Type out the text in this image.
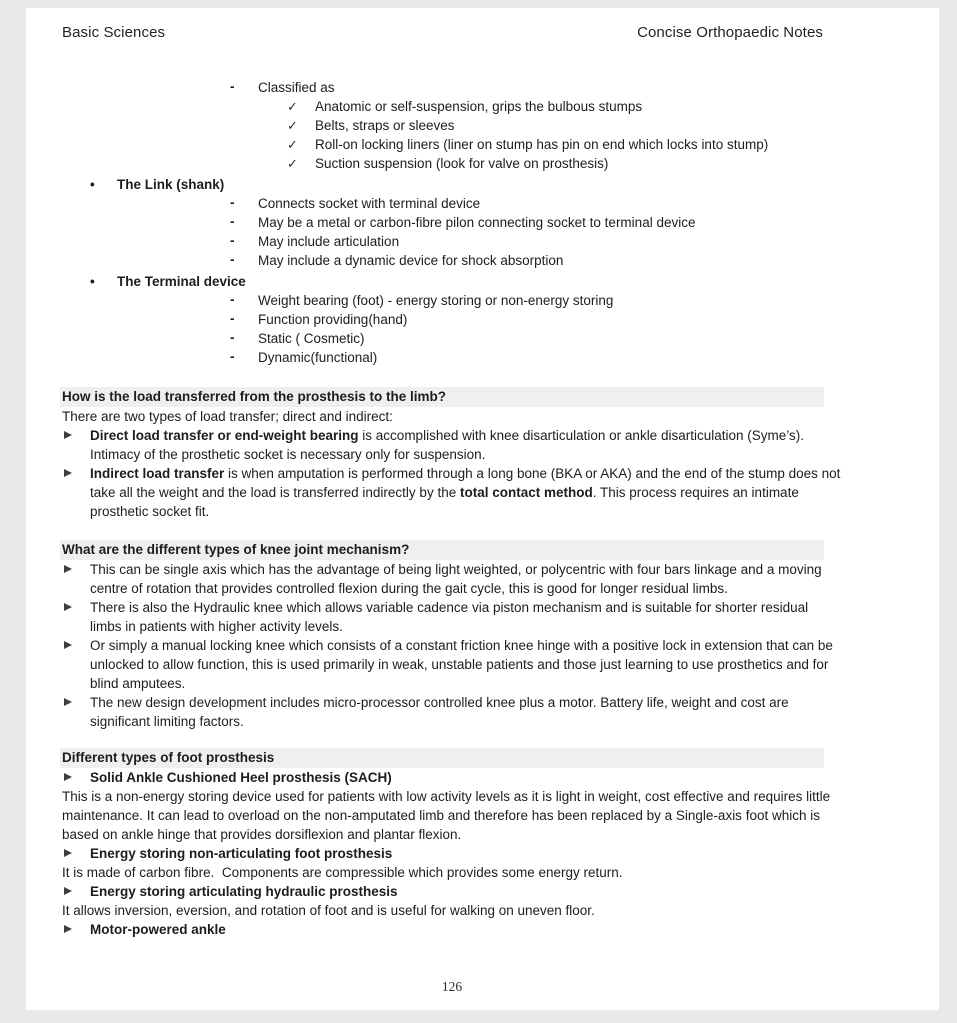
Basic Sciences	Concise Orthopaedic Notes
- Classified as
✓ Anatomic or self-suspension, grips the bulbous stumps
✓ Belts, straps or sleeves
✓ Roll-on locking liners (liner on stump has pin on end which locks into stump)
✓ Suction suspension (look for valve on prosthesis)
• The Link (shank)
- Connects socket with terminal device
- May be a metal or carbon-fibre pilon connecting socket to terminal device
- May include articulation
- May include a dynamic device for shock absorption
• The Terminal device
- Weight bearing (foot) - energy storing or non-energy storing
- Function providing(hand)
- Static ( Cosmetic)
- Dynamic(functional)
How is the load transferred from the prosthesis to the limb?
There are two types of load transfer; direct and indirect:
Direct load transfer or end-weight bearing is accomplished with knee disarticulation or ankle disarticulation (Syme’s). Intimacy of the prosthetic socket is necessary only for suspension.
Indirect load transfer is when amputation is performed through a long bone (BKA or AKA) and the end of the stump does not take all the weight and the load is transferred indirectly by the total contact method. This process requires an intimate prosthetic socket fit.
What are the different types of knee joint mechanism?
This can be single axis which has the advantage of being light weighted, or polycentric with four bars linkage and a moving centre of rotation that provides controlled flexion during the gait cycle, this is good for longer residual limbs.
There is also the Hydraulic knee which allows variable cadence via piston mechanism and is suitable for shorter residual limbs in patients with higher activity levels.
Or simply a manual locking knee which consists of a constant friction knee hinge with a positive lock in extension that can be unlocked to allow function, this is used primarily in weak, unstable patients and those just learning to use prosthetics and for blind amputees.
The new design development includes micro-processor controlled knee plus a motor. Battery life, weight and cost are significant limiting factors.
Different types of foot prosthesis
Solid Ankle Cushioned Heel prosthesis (SACH)
This is a non-energy storing device used for patients with low activity levels as it is light in weight, cost effective and requires little maintenance. It can lead to overload on the non-amputated limb and therefore has been replaced by a Single-axis foot which is based on ankle hinge that provides dorsiflexion and plantar flexion.
Energy storing non-articulating foot prosthesis
It is made of carbon fibre.  Components are compressible which provides some energy return.
Energy storing articulating hydraulic prosthesis
It allows inversion, eversion, and rotation of foot and is useful for walking on uneven floor.
Motor-powered ankle
126
